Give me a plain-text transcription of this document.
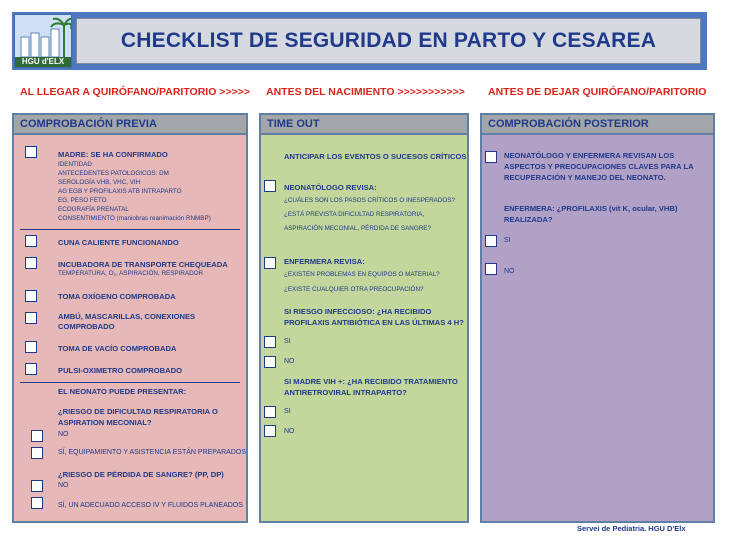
HGU d'ELX
CHECKLIST DE SEGURIDAD EN PARTO Y CESAREA
AL LLEGAR A QUIRÓFANO/PARITORIO >>>>> ANTES DEL NACIMIENTO >>>>>>>>>>> ANTES DE DEJAR QUIRÓFANO/PARITORIO
COMPROBACIÓN PREVIA
MADRE: SE HA CONFIRMADO
IDENTIDAD
ANTECEDENTES PATOLOGICOS: DM
SEROLOGÍA VHB, VHC, VIH
AG EGB Y PROFILAXIS ATB INTRAPARTO
EG, PESO FETO
ECOGRAFÍA PRENATAL
CONSENTIMIENTO (maniobras reanimación RNMBP)
CUNA CALIENTE FUNCIONANDO
INCUBADORA DE TRANSPORTE CHEQUEADA
TEMPERATURA, O₂, ASPIRACIÓN, RESPIRADOR
TOMA OXÍGENO COMPROBADA
AMBÚ, MASCARILLAS, CONEXIONES
COMPROBADO
TOMA DE VACÍO COMPROBADA
PULSI-OXIMETRO COMPROBADO
EL NEONATO PUEDE PRESENTAR:
¿RIESGO DE DIFICULTAD RESPIRATORIA O
ASPIRATION MECONIAL?
NO
SÍ, EQUIPAMIENTO Y ASISTENCIA ESTÁN PREPARADOS
¿RIESGO DE PÉRDIDA DE SANGRE? (PP, DP)
NO
SÍ, UN ADECUADO ACCESO IV Y FLUIDOS PLANEADOS
TIME OUT
ANTICIPAR LOS EVENTOS O SUCESOS CRÍTICOS
NEONATÓLOGO REVISA:
¿CUÁLES SON LOS PASOS CRÍTICOS O INESPERADOS?
¿ESTÁ PREVISTA DIFICULTAD RESPIRATORIA,
ASPIRACIÓN MECONIAL, PÉRDIDA DE SANGRE?
ENFERMERA REVISA:
¿EXISTEN PROBLEMAS EN EQUIPOS O MATERIAL?
¿EXISTE CUALQUIER OTRA PREOCUPACIÓN?
SI RIESGO INFECCIOSO: ¿HA RECIBIDO
PROFILAXIS ANTIBIÓTICA EN LAS ÚLTIMAS 4 H?
SI
NO
SI MADRE VIH +: ¿HA RECIBIDO TRATAMIENTO
ANTIRETROVIRAL INTRAPARTO?
SI
NO
COMPROBACIÓN POSTERIOR
NEONATÓLOGO Y ENFERMERA REVISAN LOS
ASPECTOS Y PREOCUPACIONES CLAVES PARA LA
RECUPERACIÓN Y MANEJO DEL NEONATO.
ENFERMERA: ¿PROFILAXIS (vit K, ocular, VHB)
REALIZADA?
SI
NO
Servei de Pediatria. HGU D'Elx
